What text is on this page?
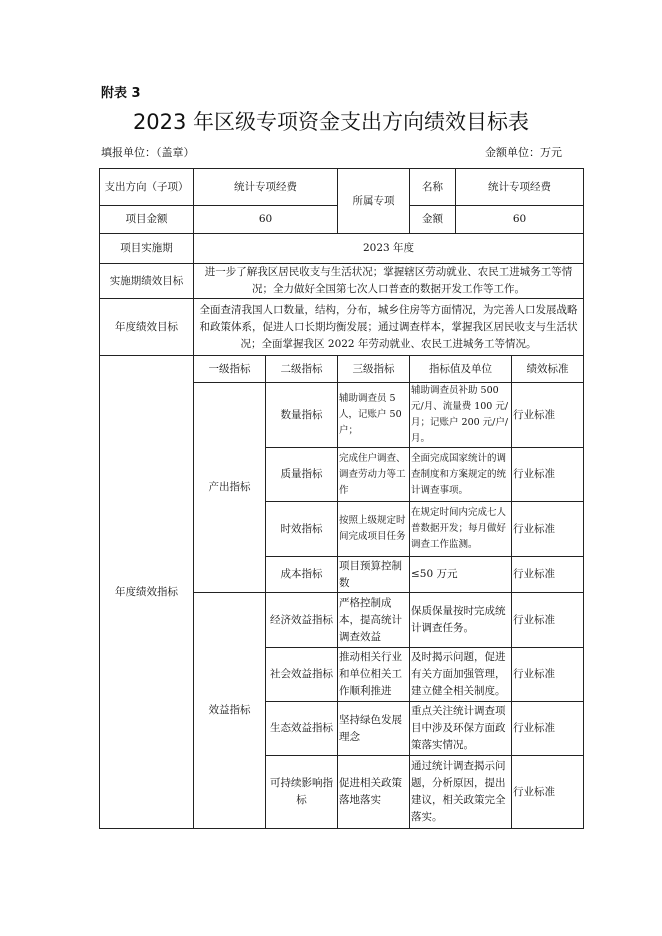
附表 3
2023 年区级专项资金支出方向绩效目标表
填报单位：（盖章）	金额单位：万元
支出方向（子项）	统计专项经费		所属专项	名称	统计专项经费	
项目金额	60			金额	60	
项目实施期	2023 年度					
实施期绩效目标	进一步了解我区居民收支与生活状况；掌握辖区劳动就业、农民工进城务工等情况；全力做好全国第七次人口普查的数据开发工作等工作。					
年度绩效目标	全面查清我国人口数量，结构，分布，城乡住房等方面情况，为完善人口发展战略和政策体系，促进人口长期均衡发展；通过调查样本，掌握我区居民收支与生活状况；全面掌握我区 2022 年劳动就业、农民工进城务工等情况。					
年度绩效指标	一级指标	二级指标	三级指标	指标值及单位		绩效标准
	产出指标	数量指标	辅助调查员 5 人，记账户 50 户；	辅助调查员补助 500 元/月、流量费 100 元/月；记账户 200 元/户/月。		行业标准
		质量指标	完成住户调查、调查劳动力等工作	全面完成国家统计的调查制度和方案规定的统计调查事项。		行业标准
		时效指标	按照上级规定时间完成项目任务	在规定时间内完成七人普数据开发；每月做好调查工作监测。		行业标准
		成本指标	项目预算控制数	≤50 万元		行业标准
	效益指标	经济效益指标	严格控制成本，提高统计调查效益	保质保量按时完成统计调查任务。		行业标准
		社会效益指标	推动相关行业和单位相关工作顺利推进	及时揭示问题，促进有关方面加强管理，建立健全相关制度。		行业标准
		生态效益指标	坚持绿色发展理念	重点关注统计调查项目中涉及环保方面政策落实情况。		行业标准
		可持续影响指标	促进相关政策落地落实	通过统计调查揭示问题，分析原因，提出建议，相关政策完全落实。		行业标准
